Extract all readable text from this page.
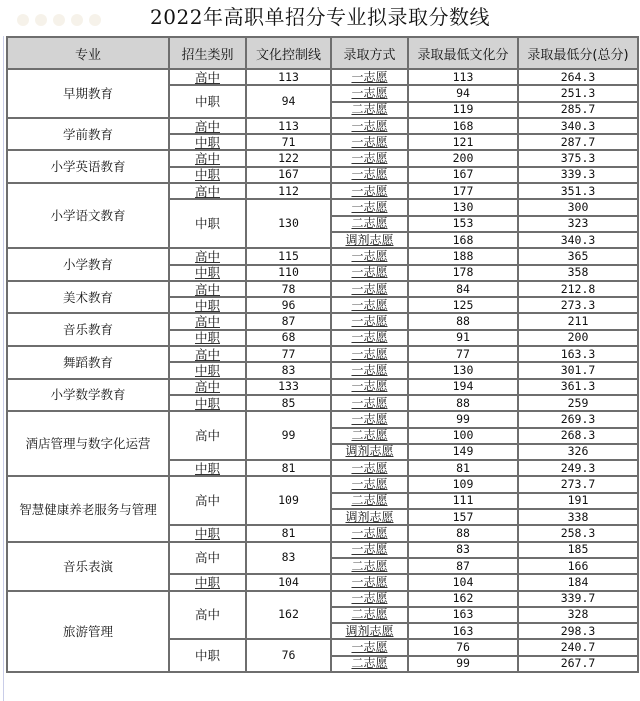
2022年高职单招分专业拟录取分数线
专业	招生类别	文化控制线	录取方式	录取最低文化分	录取最低分(总分)
早期教育	高中	113	一志愿	113	264.3
	中职	94	一志愿	94	251.3
			二志愿	119	285.7
学前教育	高中	113	一志愿	168	340.3
	中职	71	一志愿	121	287.7
小学英语教育	高中	122	一志愿	200	375.3
	中职	167	一志愿	167	339.3
小学语文教育	高中	112	一志愿	177	351.3
	中职	130	一志愿	130	300
			二志愿	153	323
			调剂志愿	168	340.3
小学教育	高中	115	一志愿	188	365
	中职	110	一志愿	178	358
美术教育	高中	78	一志愿	84	212.8
	中职	96	一志愿	125	273.3
音乐教育	高中	87	一志愿	88	211
	中职	68	一志愿	91	200
舞蹈教育	高中	77	一志愿	77	163.3
	中职	83	一志愿	130	301.7
小学数学教育	高中	133	一志愿	194	361.3
	中职	85	一志愿	88	259
酒店管理与数字化运营	高中	99	一志愿	99	269.3
			二志愿	100	268.3
			调剂志愿	149	326
	中职	81	一志愿	81	249.3
智慧健康养老服务与管理	高中	109	一志愿	109	273.7
			二志愿	111	191
			调剂志愿	157	338
	中职	81	一志愿	88	258.3
音乐表演	高中	83	一志愿	83	185
			二志愿	87	166
	中职	104	一志愿	104	184
旅游管理	高中	162	一志愿	162	339.7
			二志愿	163	328
			调剂志愿	163	298.3
	中职	76	一志愿	76	240.7
			二志愿	99	267.7
